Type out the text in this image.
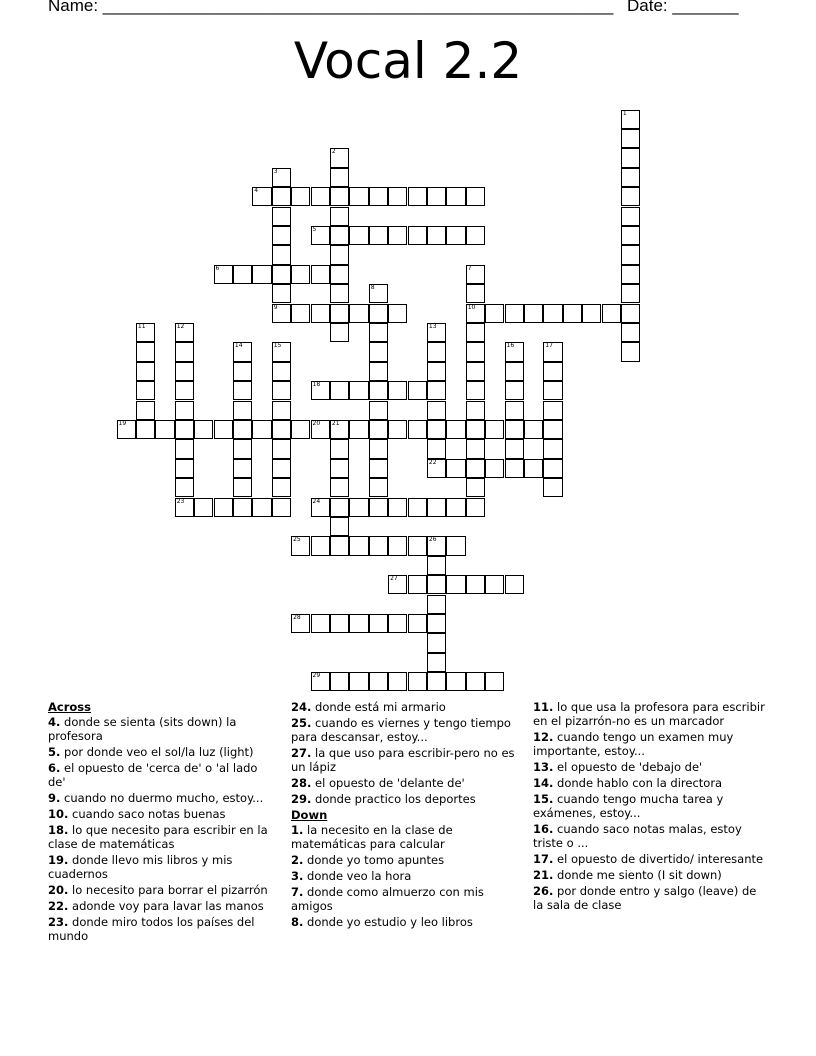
Name: ______________________________________________________ Date: _______
Vocal 2.2
4
5
6
9	10
18
19	20 21
22
23	24
25	26
27
28
29
1
2
3
7
8
11	12	13
14	15	16	17
Across
4. donde se sienta (sits down) la profesora
5. por donde veo el sol/la luz (light)
6. el opuesto de 'cerca de' o 'al lado de'
9. cuando no duermo mucho, estoy...
10. cuando saco notas buenas
18. lo que necesito para escribir en la clase de matemáticas
19. donde llevo mis libros y mis cuadernos
20. lo necesito para borrar el pizarrón
22. adonde voy para lavar las manos
23. donde miro todos los países del mundo
24. donde está mi armario
25. cuando es viernes y tengo tiempo para descansar, estoy...
27. la que uso para escribir-pero no es un lápiz
28. el opuesto de 'delante de'
29. donde practico los deportes
Down
1. la necesito en la clase de matemáticas para calcular
2. donde yo tomo apuntes
3. donde veo la hora
7. donde como almuerzo con mis amigos
8. donde yo estudio y leo libros
11. lo que usa la profesora para escribir en el pizarrón-no es un marcador
12. cuando tengo un examen muy importante, estoy...
13. el opuesto de 'debajo de'
14. donde hablo con la directora
15. cuando tengo mucha tarea y exámenes, estoy...
16. cuando saco notas malas, estoy triste o ...
17. el opuesto de divertido/ interesante
21. donde me siento (I sit down)
26. por donde entro y salgo (leave) de la sala de clase
